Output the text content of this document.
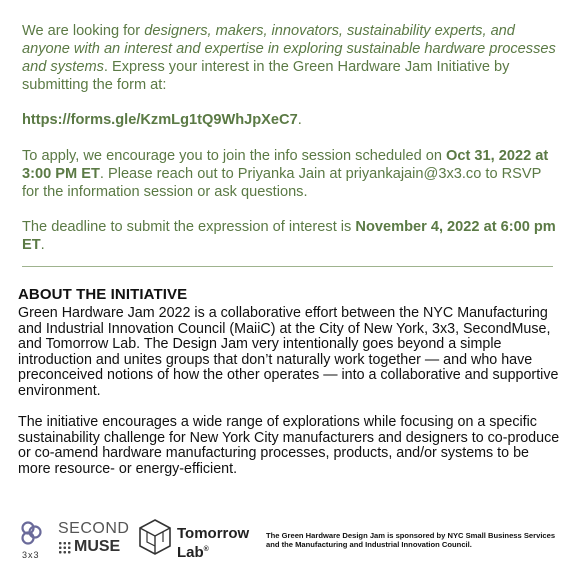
We are looking for designers, makers, innovators, sustainability experts, and anyone with an interest and expertise in exploring sustainable hardware processes and systems. Express your interest in the Green Hardware Jam Initiative by submitting the form at:
https://forms.gle/KzmLg1tQ9WhJpXeC7.
To apply, we encourage you to join the info session scheduled on Oct 31, 2022 at 3:00 PM ET. Please reach out to Priyanka Jain at priyankajain@3x3.co to RSVP for the information session or ask questions.
The deadline to submit the expression of interest is November 4, 2022 at 6:00 pm ET.
ABOUT THE INITIATIVE
Green Hardware Jam 2022 is a collaborative effort between the NYC Manufacturing and Industrial Innovation Council (MaiiC) at the City of New York, 3x3, SecondMuse, and Tomorrow Lab. The Design Jam very intentionally goes beyond a simple introduction and unites groups that don’t naturally work together — and who have preconceived notions of how the other operates — into a collaborative and supportive environment.
The initiative encourages a wide range of explorations while focusing on a specific sustainability challenge for New York City manufacturers and designers to co-produce or co-amend hardware manufacturing processes, products, and/or systems to be more resource- or energy-efficient.
3x3
SECOND
MUSE
Tomorrow
Lab®
The Green Hardware Design Jam is sponsored by NYC Small Business Services and the Manufacturing and Industrial Innovation Council.
